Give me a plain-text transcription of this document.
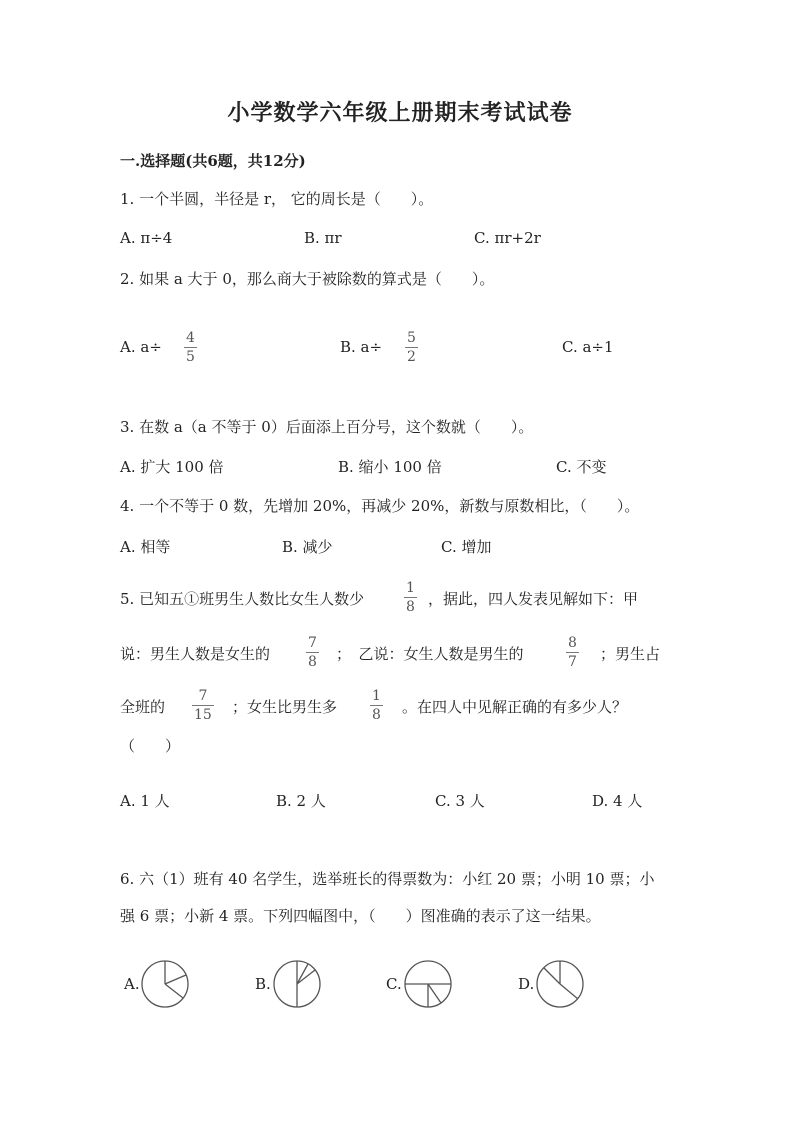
小学数学六年级上册期末考试试卷
一.选择题(共6题，共12分)
1. 一个半圆，半径是 r， 它的周长是（　　）。
A. π÷4	B. πr	C. πr+2r
2. 如果 a 大于 0，那么商大于被除数的算式是（　　）。
A. a÷ 4
5
B. a÷ 5
2
C. a÷1
3. 在数 a（a 不等于 0）后面添上百分号，这个数就（　　）。
A. 扩大 100 倍	B. 缩小 100 倍	C. 不变
4. 一个不等于 0 数，先增加 20%，再减少 20%，新数与原数相比，（　　）。
A. 相等	B. 减少	C. 增加
5. 已知五①班男生人数比女生人数少
1
8 ，据此，四人发表见解如下：甲
说：男生人数是女生的
7
8 ；　乙说：女生人数是男生的
8
7 ；男生占
全班的
7
15 ；女生比男生多
1
8 。在四人中见解正确的有多少人？
（　　）
A. 1 人	B. 2 人	C. 3 人	D. 4 人
6. 六（1）班有 40 名学生，选举班长的得票数为：小红 20 票；小明 10 票；小
强 6 票；小新 4 票。下列四幅图中，（　　）图准确的表示了这一结果。
A.	B.	C.	D.
